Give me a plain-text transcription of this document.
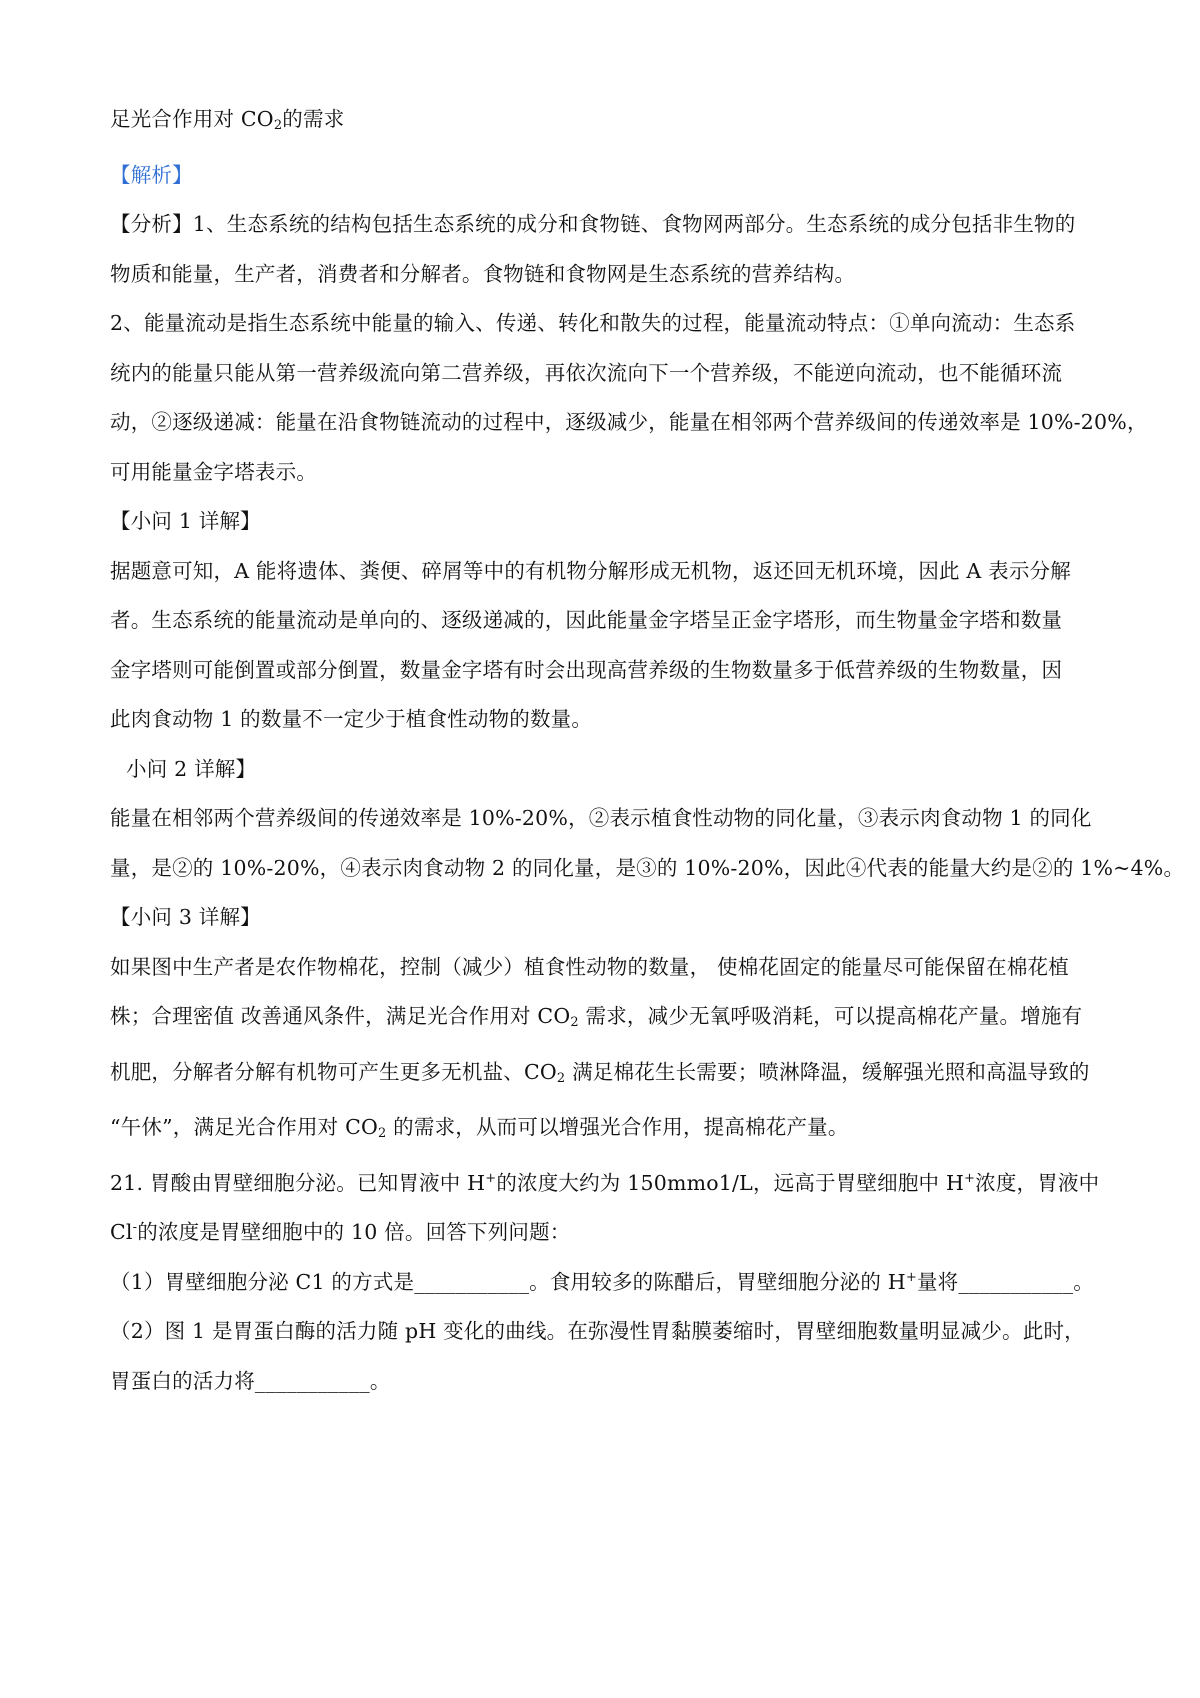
足光合作用对 $CO_2$的需求
【解析】
【分析】1、生态系统的结构包括生态系统的成分和食物链、食物网两部分。生态系统的成分包括非生物的
物质和能量，生产者，消费者和分解者。食物链和食物网是生态系统的营养结构。
2、能量流动是指生态系统中能量的输入、传递、转化和散失的过程，能量流动特点：①单向流动：生态系
统内的能量只能从第一营养级流向第二营养级，再依次流向下一个营养级，不能逆向流动，也不能循环流
动，②逐级递减：能量在沿食物链流动的过程中，逐级减少，能量在相邻两个营养级间的传递效率是 10%-20%，
可用能量金字塔表示。
【小问 1 详解】
据题意可知，A 能将遗体、粪便、碎屑等中的有机物分解形成无机物，返还回无机环境，因此 A 表示分解
者。生态系统的能量流动是单向的、逐级递减的，因此能量金字塔呈正金字塔形，而生物量金字塔和数量
金字塔则可能倒置或部分倒置，数量金字塔有时会出现高营养级的生物数量多于低营养级的生物数量，因
此肉食动物 1 的数量不一定少于植食性动物的数量。
小问 2 详解】
能量在相邻两个营养级间的传递效率是 10%-20%，②表示植食性动物的同化量，③表示肉食动物 1 的同化
量，是②的 10%-20%，④表示肉食动物 2 的同化量，是③的 10%-20%，因此④代表的能量大约是②的 1%~4%。
【小问 3 详解】
如果图中生产者是农作物棉花，控制（减少）植食性动物的数量， 使棉花固定的能量尽可能保留在棉花植
株；合理密值 改善通风条件，满足光合作用对 $CO_2$ 需求，减少无氧呼吸消耗，可以提高棉花产量。增施有
机肥，分解者分解有机物可产生更多无机盐、$CO_2$ 满足棉花生长需要；喷淋降温，缓解强光照和高温导致的
“午休”，满足光合作用对 $CO_2$ 的需求，从而可以增强光合作用，提高棉花产量。
21. 胃酸由胃壁细胞分泌。已知胃液中 H+的浓度大约为 150mmo1/L，远高于胃壁细胞中 H+浓度，胃液中
Cl-的浓度是胃壁细胞中的 10 倍。回答下列问题：
（1）胃壁细胞分泌 C1 的方式是___________。食用较多的陈醋后，胃壁细胞分泌的 H+量将___________。
（2）图 1 是胃蛋白酶的活力随 pH 变化的曲线。在弥漫性胃黏膜萎缩时，胃壁细胞数量明显减少。此时，
胃蛋白的活力将___________。
